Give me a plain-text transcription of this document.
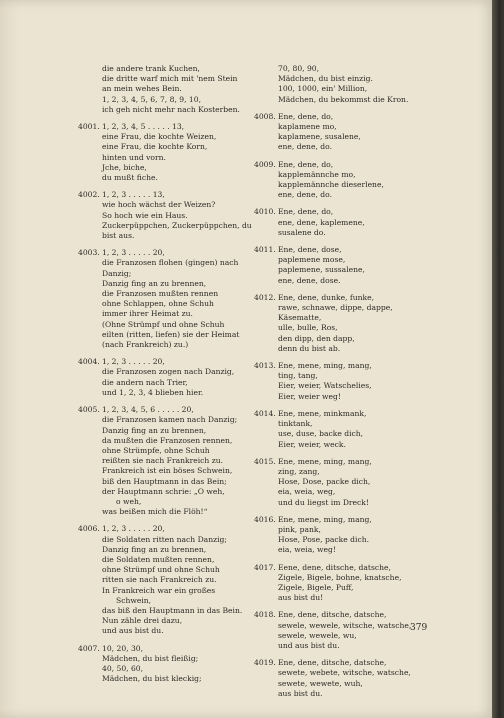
die andere trank Kuchen,
die dritte warf mich mit 'nem Stein
an mein wehes Bein.
1, 2, 3, 4, 5, 6, 7, 8, 9, 10,
ich geh nicht mehr nach Kosterben.
4001. 1, 2, 3, 4, 5 . . . . . 13,
eine Frau, die kochte Weizen,
eine Frau, die kochte Korn,
hinten und vorn.
Jche, biche,
du mußt fiche.
4002. 1, 2, 3 . . . . . 13,
wie hoch wächst der Weizen?
So hoch wie ein Haus.
Zuckerpüppchen, Zuckerpüppchen, du
bist aus.
4003. 1, 2, 3 . . . . . 20,
die Franzosen flohen (gingen) nach
Danzig;
Danzig fing an zu brennen,
die Franzosen mußten rennen
ohne Schlappen, ohne Schuh
immer ihrer Heimat zu.
(Ohne Strümpf und ohne Schuh
eilten (ritten, liefen) sie der Heimat
(nach Frankreich) zu.)
4004. 1, 2, 3 . . . . . 20,
die Franzosen zogen nach Danzig,
die andern nach Trier,
und 1, 2, 3, 4 blieben hier.
4005. 1, 2, 3, 4, 5, 6 . . . . . 20,
die Franzosen kamen nach Danzig;
Danzig fing an zu brennen,
da mußten die Franzosen rennen,
ohne Strümpfe, ohne Schuh
reißten sie nach Frankreich zu.
Frankreich ist ein böses Schwein,
biß den Hauptmann in das Bein;
der Hauptmann schrie: „O weh,
o weh,
was beißen mich die Flöh!“
4006. 1, 2, 3 . . . . . 20,
die Soldaten ritten nach Danzig;
Danzig fing an zu brennen,
die Soldaten mußten rennen,
ohne Strümpf und ohne Schuh
ritten sie nach Frankreich zu.
In Frankreich war ein großes
Schwein,
das biß den Hauptmann in das Bein.
Nun zähle drei dazu,
und aus bist du.
4007. 10, 20, 30,
Mädchen, du bist fleißig;
40, 50, 60,
Mädchen, du bist kleckig;
70, 80, 90,
Mädchen, du bist einzig.
100, 1000, ein' Million,
Mädchen, du bekommst die Kron.
4008. Ene, dene, do,
kaplamene mo,
kaplamene, susalene,
ene, dene, do.
4009. Ene, dene, do,
kapplemännche mo,
kapplemännche dieserlene,
ene, dene, do.
4010. Ene, dene, do,
ene, dene, kaplemene,
susalene do.
4011. Ene, dene, dose,
paplemene mose,
paplemene, sussalene,
ene, dene, dose.
4012. Ene, dene, dunke, funke,
rawe, schnawe, dippe, dappe,
Käsematte,
ulle, bulle, Ros,
den dipp, den dapp,
denn du bist ab.
4013. Ene, mene, ming, mang,
ting, tang,
Eier, weier, Watschelies,
Eier, weier weg!
4014. Ene, mene, minkmank,
tinktank,
use, duse, backe dich,
Eier, weier, weck.
4015. Ene, mene, ming, mang,
zing, zang,
Hose, Dose, packe dich,
eia, weia, weg,
und du liegst im Dreck!
4016. Ene, mene, ming, mang,
pink, pank,
Hose, Pose, packe dich.
eia, weia, weg!
4017. Eene, dene, ditsche, datsche,
Zigele, Bigele, bohne, knatsche,
Zigele, Bigele, Puff,
aus bist du!
4018. Ene, dene, ditsche, datsche,
sewele, wewele, witsche, watsche,
sewele, wewele, wu,
und aus bist du.
4019. Ene, dene, ditsche, datsche,
sewete, webete, witsche, watsche,
sewete, wewete, wuh,
aus bist du.
379
